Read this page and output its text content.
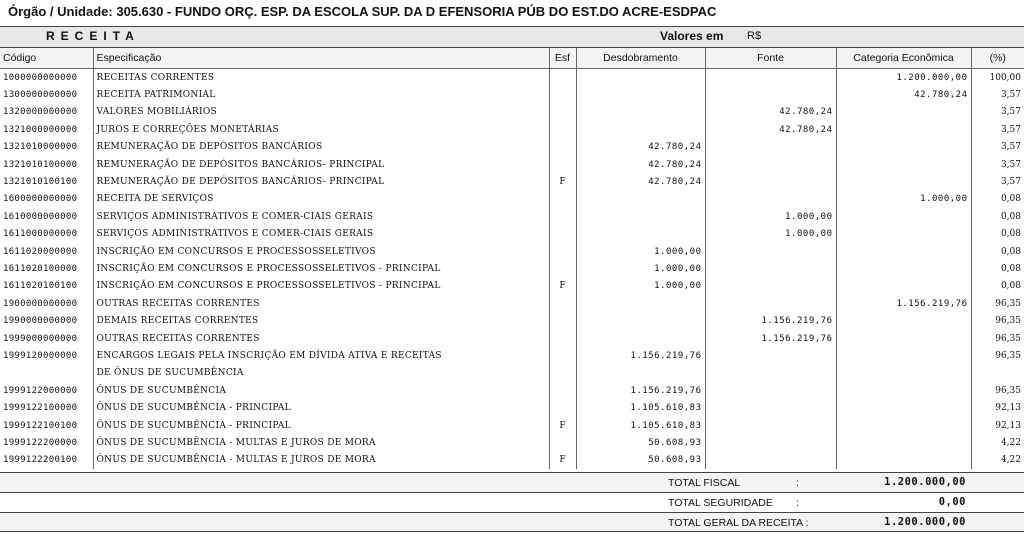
Órgão / Unidade: 305.630 - FUNDO ORÇ. ESP. DA ESCOLA SUP. DA D EFENSORIA PÚB DO EST.DO ACRE-ESDPAC
RECEITA	Valores em R$
Código	Especificação	Esf	Desdobramento	Fonte	Categoria Econômica	(%)
1000000000000	RECEITAS CORRENTES				1.200.000,00	100,00
1300000000000	RECEITA PATRIMONIAL				42.780,24	3,57
1320000000000	VALORES MOBILIÁRIOS			42.780,24		3,57
1321000000000	JUROS E CORREÇÕES MONETÁRIAS			42.780,24		3,57
1321010000000	REMUNERAÇÃO DE DEPÓSITOS BANCÁRIOS		42.780,24			3,57
1321010100000	REMUNERAÇÃO DE DEPÓSITOS BANCÁRIOS- PRINCIPAL		42.780,24			3,57
1321010100100	REMUNERAÇÃO DE DEPÓSITOS BANCÁRIOS- PRINCIPAL	F	42.780,24			3,57
1600000000000	RECEITA DE SERVIÇOS				1.000,00	0,08
1610000000000	SERVIÇOS ADMINISTRATIVOS E COMER-CIAIS GERAIS			1.000,00		0,08
1611000000000	SERVIÇOS ADMINISTRATIVOS E COMER-CIAIS GERAIS			1.000,00		0,08
1611020000000	INSCRIÇÃO EM CONCURSOS E PROCESSOSSELETIVOS		1.000,00			0,08
1611020100000	INSCRIÇÃO EM CONCURSOS E PROCESSOSSELETIVOS - PRINCIPAL		1.000,00			0,08
1611020100100	INSCRIÇÃO EM CONCURSOS E PROCESSOSSELETIVOS - PRINCIPAL	F	1.000,00			0,08
1900000000000	OUTRAS RECEITAS CORRENTES				1.156.219,76	96,35
1990000000000	DEMAIS RECEITAS CORRENTES			1.156.219,76		96,35
1999000000000	OUTRAS RECEITAS CORRENTES			1.156.219,76		96,35
1999120000000	ENCARGOS LEGAIS PELA INSCRIÇÃO EM DÍVIDA ATIVA E RECEITAS		1.156.219,76			96,35
	DE ÔNUS DE SUCUMBÊNCIA					
1999122000000	ÔNUS DE SUCUMBÊNCIA		1.156.219,76			96,35
1999122100000	ÔNUS DE SUCUMBÊNCIA - PRINCIPAL		1.105.610,83			92,13
1999122100100	ÔNUS DE SUCUMBÊNCIA - PRINCIPAL	F	1.105.610,83			92,13
1999122200000	ÔNUS DE SUCUMBÊNCIA - MULTAS E JUROS DE MORA		50.608,93			4,22
1999122200100	ÔNUS DE SUCUMBÊNCIA - MULTAS E JUROS DE MORA	F	50.608,93			4,22
TOTAL FISCAL	:	1.200.000,00
TOTAL SEGURIDADE :	0,00
TOTAL GERAL DA RECEITA :	1.200.000,00
